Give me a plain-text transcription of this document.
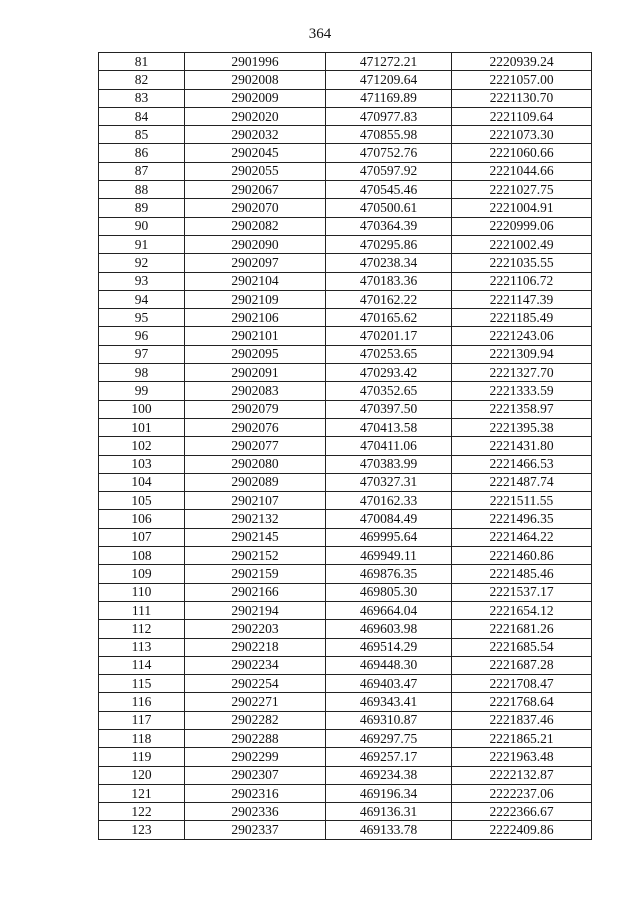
364
81	2901996	471272.21	2220939.24
82	2902008	471209.64	2221057.00
83	2902009	471169.89	2221130.70
84	2902020	470977.83	2221109.64
85	2902032	470855.98	2221073.30
86	2902045	470752.76	2221060.66
87	2902055	470597.92	2221044.66
88	2902067	470545.46	2221027.75
89	2902070	470500.61	2221004.91
90	2902082	470364.39	2220999.06
91	2902090	470295.86	2221002.49
92	2902097	470238.34	2221035.55
93	2902104	470183.36	2221106.72
94	2902109	470162.22	2221147.39
95	2902106	470165.62	2221185.49
96	2902101	470201.17	2221243.06
97	2902095	470253.65	2221309.94
98	2902091	470293.42	2221327.70
99	2902083	470352.65	2221333.59
100	2902079	470397.50	2221358.97
101	2902076	470413.58	2221395.38
102	2902077	470411.06	2221431.80
103	2902080	470383.99	2221466.53
104	2902089	470327.31	2221487.74
105	2902107	470162.33	2221511.55
106	2902132	470084.49	2221496.35
107	2902145	469995.64	2221464.22
108	2902152	469949.11	2221460.86
109	2902159	469876.35	2221485.46
110	2902166	469805.30	2221537.17
111	2902194	469664.04	2221654.12
112	2902203	469603.98	2221681.26
113	2902218	469514.29	2221685.54
114	2902234	469448.30	2221687.28
115	2902254	469403.47	2221708.47
116	2902271	469343.41	2221768.64
117	2902282	469310.87	2221837.46
118	2902288	469297.75	2221865.21
119	2902299	469257.17	2221963.48
120	2902307	469234.38	2222132.87
121	2902316	469196.34	2222237.06
122	2902336	469136.31	2222366.67
123	2902337	469133.78	2222409.86
